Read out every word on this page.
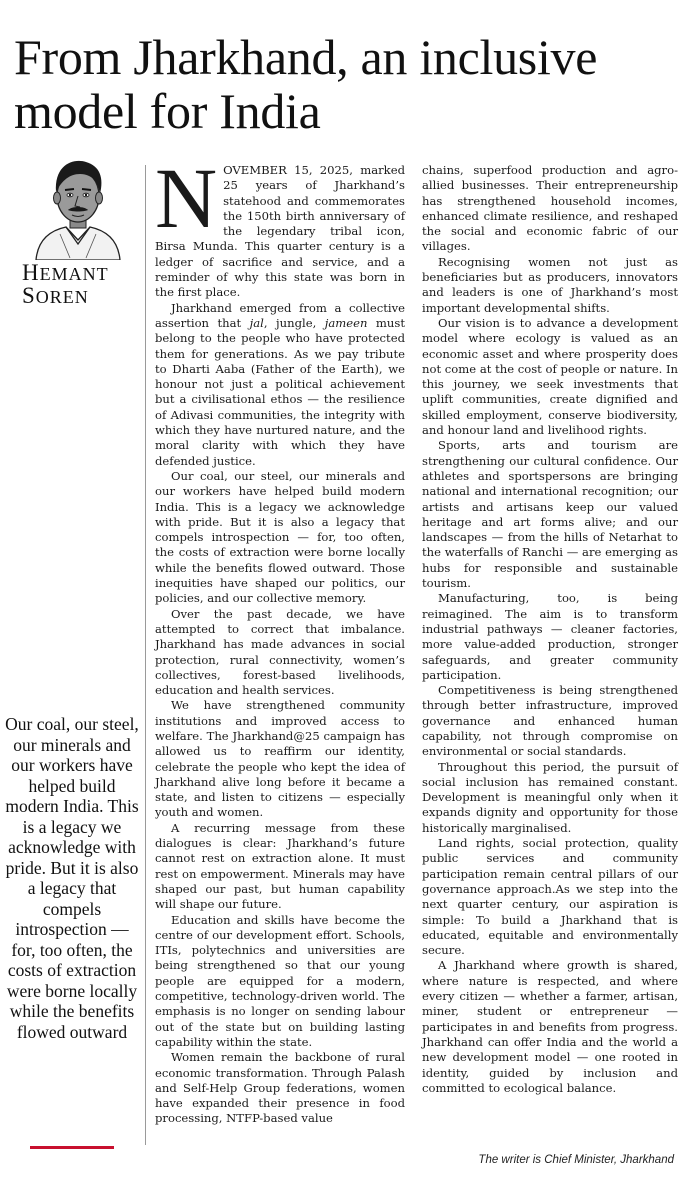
From Jharkhand, an inclusive model for India
HEMANT
SOREN

Our coal, our steel, our minerals and our workers have helped build modern India. This is a legacy we acknowledge with pride. But it is also a legacy that compels introspection — for, too often, the costs of extraction were borne locally while the benefits flowed outward

NOVEMBER 15, 2025, marked 25 years of Jharkhand’s statehood and commemorates the 150th birth anniversary of the legendary tribal icon, Birsa Munda. This quarter century is a ledger of sacrifice and service, and a reminder of why this state was born in the first place.

Jharkhand emerged from a collective assertion that jal, jungle, jameen must belong to the people who have protected them for generations. As we pay tribute to Dharti Aaba (Father of the Earth), we honour not just a political achievement but a civilisational ethos — the resilience of Adivasi communities, the integrity with which they have nurtured nature, and the moral clarity with which they have defended justice.

Our coal, our steel, our minerals and our workers have helped build modern India. This is a legacy we acknowledge with pride. But it is also a legacy that compels introspection — for, too often, the costs of extraction were borne locally while the benefits flowed outward. Those inequities have shaped our politics, our policies, and our collective memory.

Over the past decade, we have attempted to correct that imbalance. Jharkhand has made advances in social protection, rural connectivity, women’s collectives, forest-based livelihoods, education and health services.

We have strengthened community institutions and improved access to welfare. The Jharkhand@25 campaign has allowed us to reaffirm our identity, celebrate the people who kept the idea of Jharkhand alive long before it became a state, and listen to citizens — especially youth and women.

A recurring message from these dialogues is clear: Jharkhand’s future cannot rest on extraction alone. It must rest on empowerment. Minerals may have shaped our past, but human capability will shape our future.

Education and skills have become the centre of our development effort. Schools, ITIs, polytechnics and universities are being strengthened so that our young people are equipped for a modern, competitive, technology-driven world. The emphasis is no longer on sending labour out of the state but on building lasting capability within the state.

Women remain the backbone of rural economic transformation. Through Palash and Self-Help Group federations, women have expanded their presence in food processing, NTFP-based value

chains, superfood production and agro-allied businesses. Their entrepreneurship has strengthened household incomes, enhanced climate resilience, and reshaped the social and economic fabric of our villages.

Recognising women not just as beneficiaries but as producers, innovators and leaders is one of Jharkhand’s most important developmental shifts.

Our vision is to advance a development model where ecology is valued as an economic asset and where prosperity does not come at the cost of people or nature. In this journey, we seek investments that uplift communities, create dignified and skilled employment, conserve biodiversity, and honour land and livelihood rights.

Sports, arts and tourism are strengthening our cultural confidence. Our athletes and sportspersons are bringing national and international recognition; our artists and artisans keep our valued heritage and art forms alive; and our landscapes — from the hills of Netarhat to the waterfalls of Ranchi — are emerging as hubs for responsible and sustainable tourism.

Manufacturing, too, is being reimagined. The aim is to transform industrial pathways — cleaner factories, more value-added production, stronger safeguards, and greater community participation.

Competitiveness is being strengthened through better infrastructure, improved governance and enhanced human capability, not through compromise on environmental or social standards.

Throughout this period, the pursuit of social inclusion has remained constant. Development is meaningful only when it expands dignity and opportunity for those historically marginalised.

Land rights, social protection, quality public services and community participation remain central pillars of our governance approach.As we step into the next quarter century, our aspiration is simple: To build a Jharkhand that is educated, equitable and environmentally secure.

A Jharkhand where growth is shared, where nature is respected, and where every citizen — whether a farmer, artisan, miner, student or entrepreneur — participates in and benefits from progress. Jharkhand can offer India and the world a new development model — one rooted in identity, guided by inclusion and committed to ecological balance.

The writer is Chief Minister, Jharkhand
